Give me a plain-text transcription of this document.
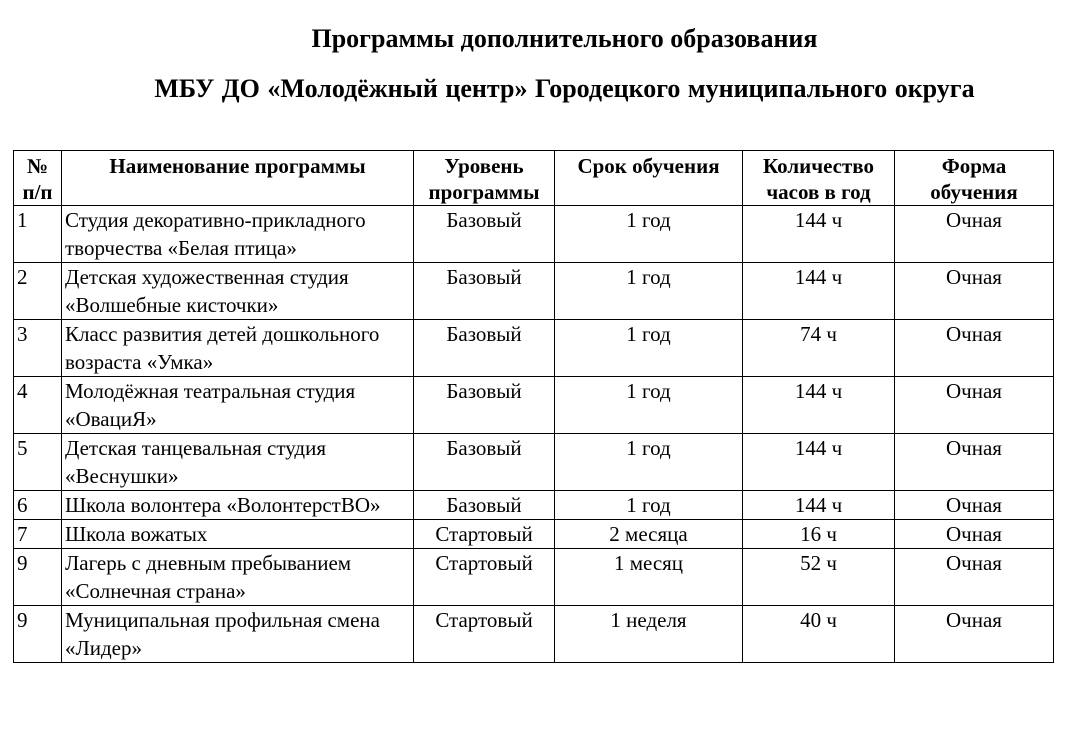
Программы дополнительного образования
МБУ ДО «Молодёжный центр» Городецкого муниципального округа
№ п/п	Наименование программы	Уровень программы	Срок обучения	Количество часов в год	Форма обучения
1	Студия декоративно-прикладного творчества «Белая птица»	Базовый	1 год	144 ч	Очная
2	Детская художественная студия «Волшебные кисточки»	Базовый	1 год	144 ч	Очная
3	Класс развития детей дошкольного возраста «Умка»	Базовый	1 год	74 ч	Очная
4	Молодёжная театральная студия «ОвациЯ»	Базовый	1 год	144 ч	Очная
5	Детская танцевальная студия «Веснушки»	Базовый	1 год	144 ч	Очная
6	Школа волонтера «ВолонтерстВО»	Базовый	1 год	144 ч	Очная
7	Школа вожатых	Стартовый	2 месяца	16 ч	Очная
9	Лагерь с дневным пребыванием «Солнечная страна»	Стартовый	1 месяц	52 ч	Очная
9	Муниципальная профильная смена «Лидер»	Стартовый	1 неделя	40 ч	Очная
